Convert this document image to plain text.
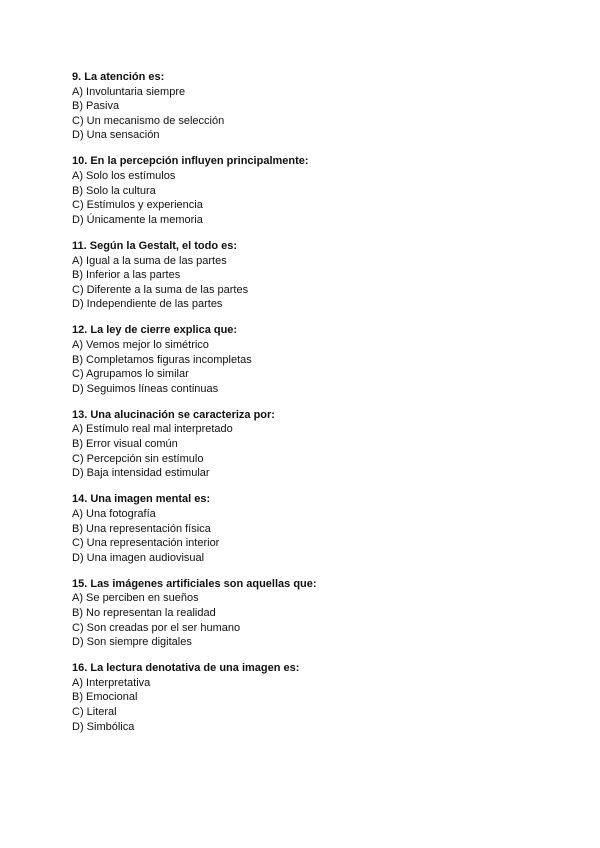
9. La atención es:
A) Involuntaria siempre
B) Pasiva
C) Un mecanismo de selección
D) Una sensación
10. En la percepción influyen principalmente:
A) Solo los estímulos
B) Solo la cultura
C) Estímulos y experiencia
D) Únicamente la memoria
11. Según la Gestalt, el todo es:
A) Igual a la suma de las partes
B) Inferior a las partes
C) Diferente a la suma de las partes
D) Independiente de las partes
12. La ley de cierre explica que:
A) Vemos mejor lo simétrico
B) Completamos figuras incompletas
C) Agrupamos lo similar
D) Seguimos líneas continuas
13. Una alucinación se caracteriza por:
A) Estímulo real mal interpretado
B) Error visual común
C) Percepción sin estímulo
D) Baja intensidad estimular
14. Una imagen mental es:
A) Una fotografía
B) Una representación física
C) Una representación interior
D) Una imagen audiovisual
15. Las imágenes artificiales son aquellas que:
A) Se perciben en sueños
B) No representan la realidad
C) Son creadas por el ser humano
D) Son siempre digitales
16. La lectura denotativa de una imagen es:
A) Interpretativa
B) Emocional
C) Literal
D) Simbólica
